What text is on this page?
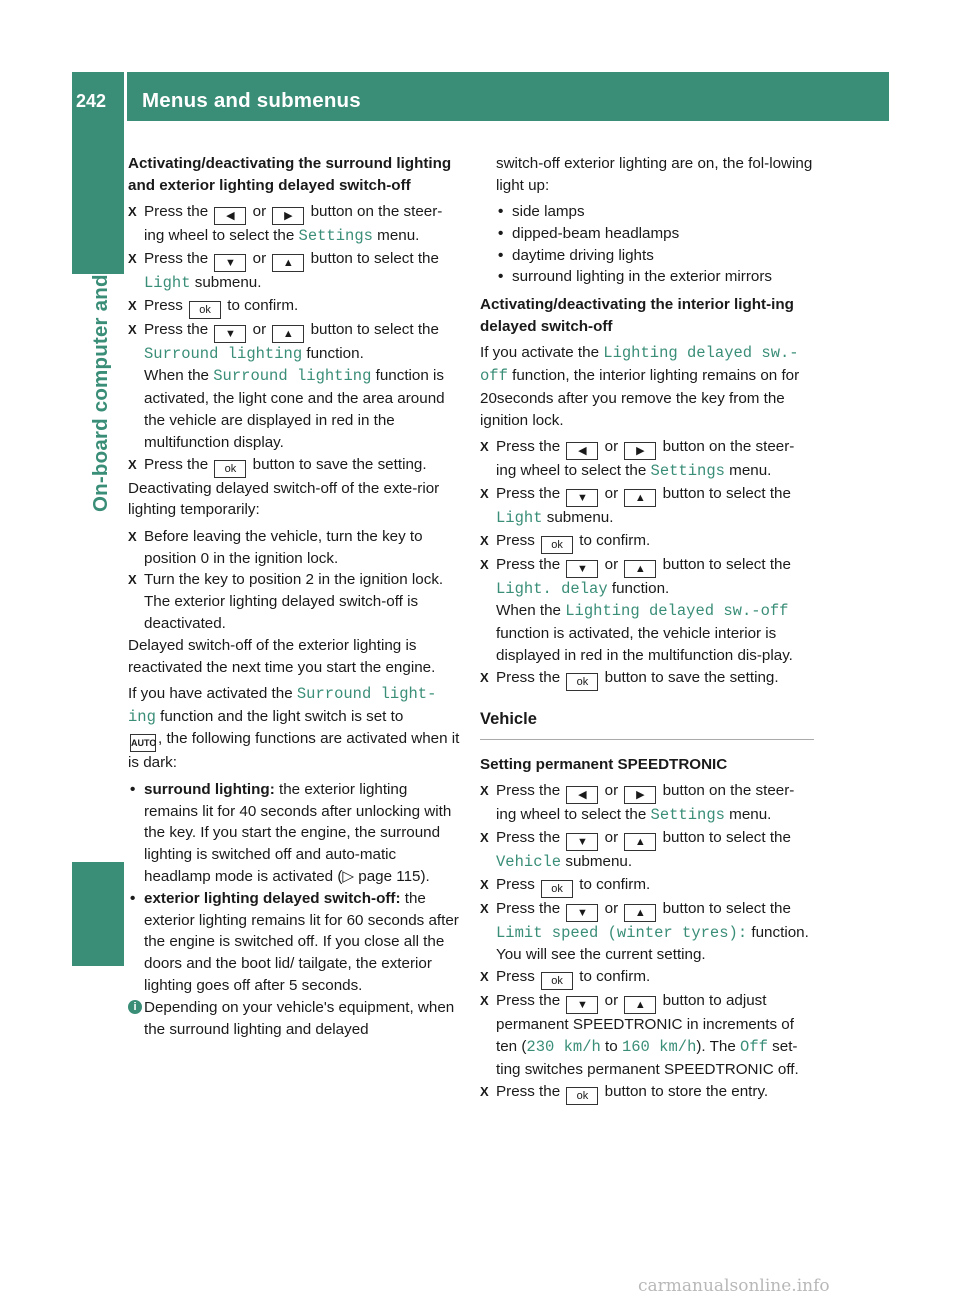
242	Menus and submenus
On-board computer and displays

Activating/deactivating the surround lighting and exterior lighting delayed switch-off

X Press the ◀ or ▶ button on the steer-ing wheel to select the Settings menu.

X Press the ▼ or ▲ button to select the Light submenu.

X Press ok to confirm.

X Press the ▼ or ▲ button to select the Surround lighting function.
When the Surround lighting function is activated, the light cone and the area around the vehicle are displayed in red in the multifunction display.

X Press the ok button to save the setting.

Deactivating delayed switch-off of the exte-rior lighting temporarily:

X Before leaving the vehicle, turn the key to position 0 in the ignition lock.

X Turn the key to position 2 in the ignition lock.
The exterior lighting delayed switch-off is deactivated.

Delayed switch-off of the exterior lighting is reactivated the next time you start the engine.

If you have activated the Surround light‐ ing function and the light switch is set to
AUTO , the following functions are activated when it is dark:

• surround lighting: the exterior lighting remains lit for 40 seconds after unlocking with the key. If you start the engine, the surround lighting is switched off and auto-matic headlamp mode is activated (▷ page 115).

• exterior lighting delayed switch-off: the exterior lighting remains lit for 60 seconds after the engine is switched off. If you close all the doors and the boot lid/ tailgate, the exterior lighting goes off after 5 seconds.

i Depending on your vehicle's equipment, when the surround lighting and delayed

switch-off exterior lighting are on, the fol-lowing light up:

• side lamps

• dipped-beam headlamps

• daytime driving lights

• surround lighting in the exterior mirrors

Activating/deactivating the interior light-ing delayed switch-off

If you activate the Lighting delayed sw.- off function, the interior lighting remains on for 20seconds after you remove the key from the ignition lock.

X Press the ◀ or ▶ button on the steer-ing wheel to select the Settings menu.

X Press the ▼ or ▲ button to select the Light submenu.

X Press ok to confirm.

X Press the ▼ or ▲ button to select the Light. delay function.
When the Lighting delayed sw.-off function is activated, the vehicle interior is displayed in red in the multifunction dis-play.

X Press the ok button to save the setting.

Vehicle

Setting permanent SPEEDTRONIC

X Press the ◀ or ▶ button on the steer-ing wheel to select the Settings menu.

X Press the ▼ or ▲ button to select the Vehicle submenu.

X Press ok to confirm.

X Press the ▼ or ▲ button to select the Limit speed (winter tyres): function.
You will see the current setting.

X Press ok to confirm.

X Press the ▼ or ▲ button to adjust permanent SPEEDTRONIC in increments of ten (230 km/h to 160 km/h). The Off set-ting switches permanent SPEEDTRONIC off.

X Press the ok button to store the entry.

carmanualsonline.info
